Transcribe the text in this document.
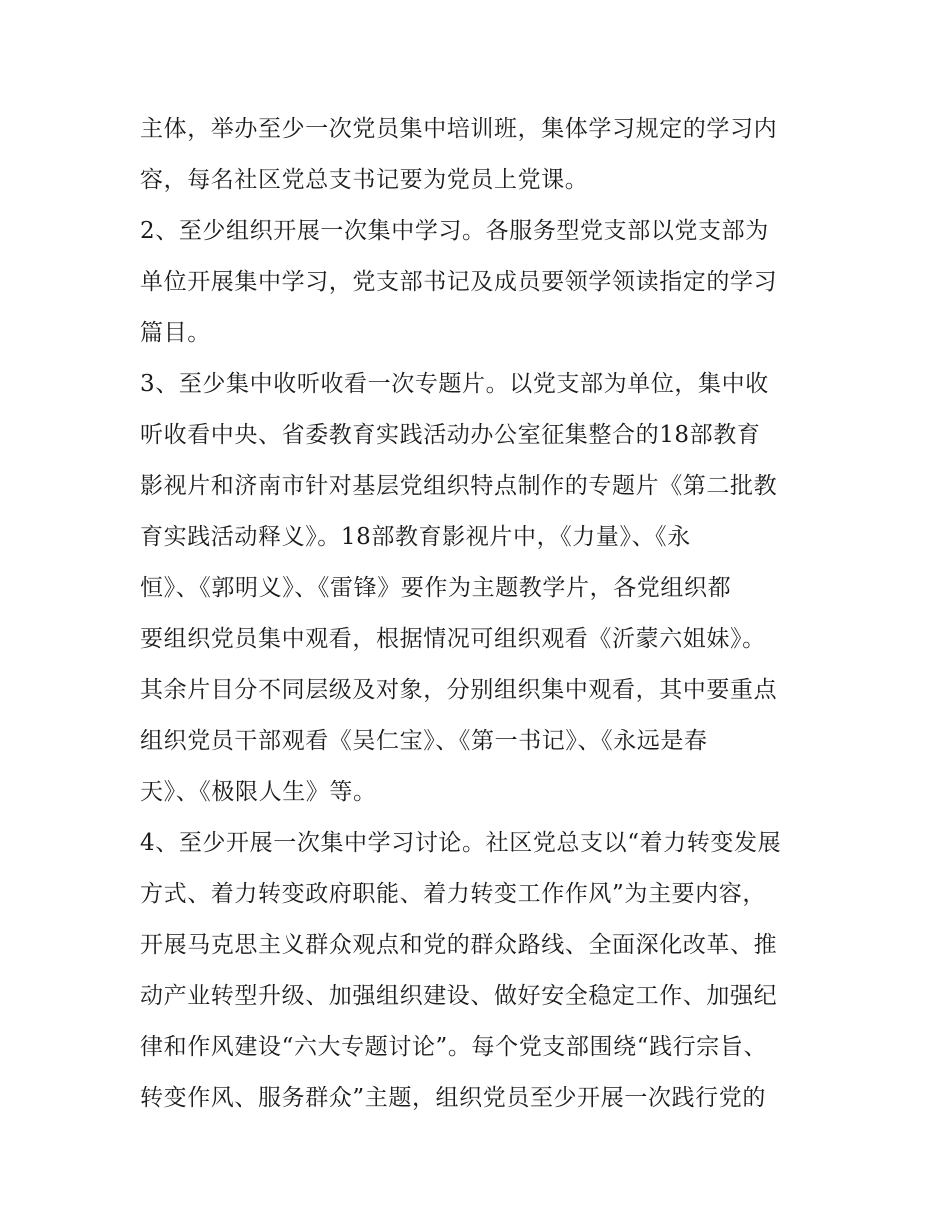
主体，举办至少一次党员集中培训班，集体学习规定的学习内
容，每名社区党总支书记要为党员上党课。
2、至少组织开展一次集中学习。各服务型党支部以党支部为
单位开展集中学习，党支部书记及成员要领学领读指定的学习
篇目。
3、至少集中收听收看一次专题片。以党支部为单位，集中收
听收看中央、省委教育实践活动办公室征集整合的18部教育
影视片和济南市针对基层党组织特点制作的专题片《第二批教
育实践活动释义》。18部教育影视片中，《力量》、《永
恒》、《郭明义》、《雷锋》要作为主题教学片，各党组织都
要组织党员集中观看，根据情况可组织观看《沂蒙六姐妹》。
其余片目分不同层级及对象，分别组织集中观看，其中要重点
组织党员干部观看《吴仁宝》、《第一书记》、《永远是春
天》、《极限人生》等。
4、至少开展一次集中学习讨论。社区党总支以“着力转变发展
方式、着力转变政府职能、着力转变工作作风”为主要内容，
开展马克思主义群众观点和党的群众路线、全面深化改革、推
动产业转型升级、加强组织建设、做好安全稳定工作、加强纪
律和作风建设“六大专题讨论”。每个党支部围绕“践行宗旨、
转变作风、服务群众”主题，组织党员至少开展一次践行党的
